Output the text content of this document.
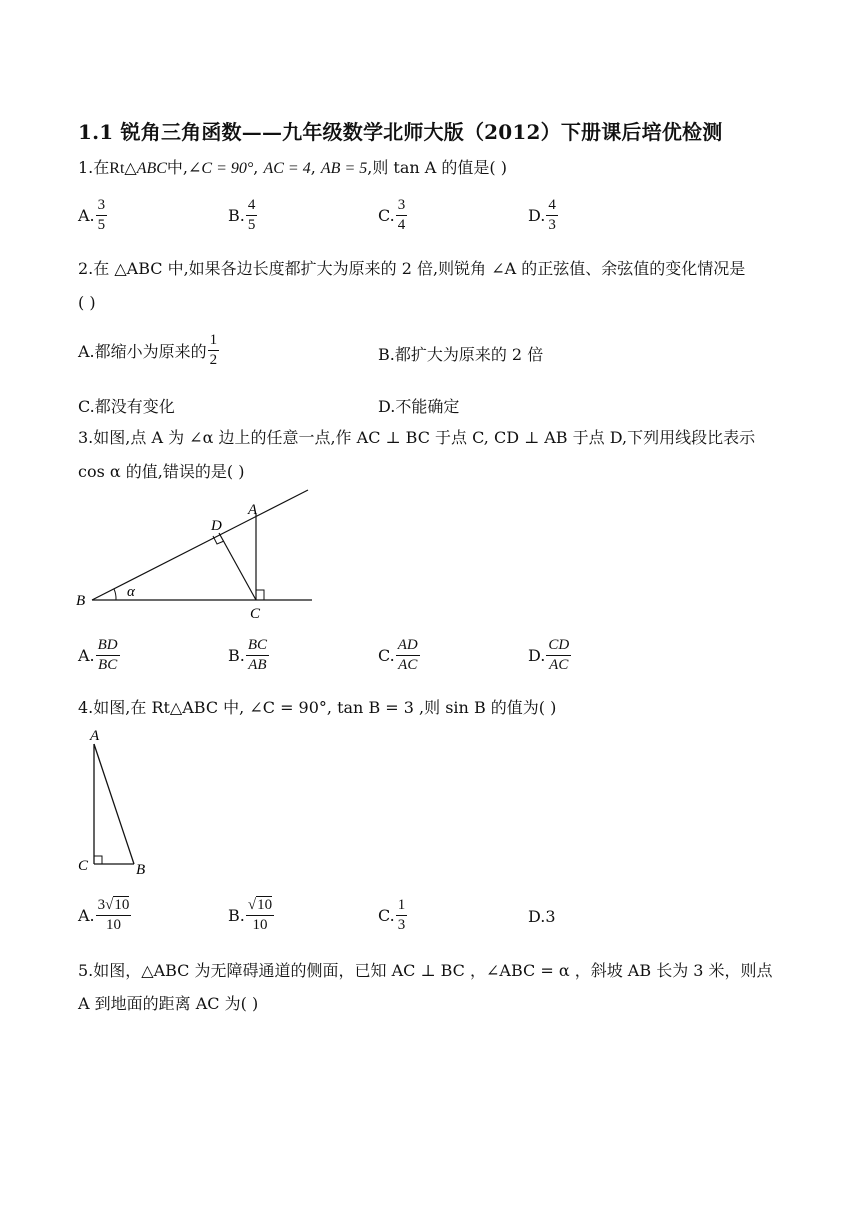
1.1 锐角三角函数——九年级数学北师大版（2012）下册课后培优检测
1.在Rt△ABC中,∠C = 90°, AC = 4, AB = 5,则 tan A 的值是( )
A. $\frac{3}{5}$	B. $\frac{4}{5}$	C. $\frac{3}{4}$	D. $\frac{4}{3}$
2.在 △ABC 中,如果各边长度都扩大为原来的 2 倍,则锐角 ∠A 的正弦值、余弦值的变化情况是
( )
A.都缩小为原来的 $\frac{1}{2}$	B.都扩大为原来的 2 倍
C.都没有变化	D.不能确定
3.如图,点 A 为 ∠α 边上的任意一点,作 AC ⊥ BC 于点 C, CD ⊥ AB 于点 D,下列用线段比表示
cos α 的值,错误的是( )
B
A
D
C
α
A. $\frac{BD}{BC}$	B. $\frac{BC}{AB}$	C. $\frac{AD}{AC}$	D. $\frac{CD}{AC}$
4.如图,在 Rt△ABC 中, ∠C = 90°, tan B = 3 ,则 sin B 的值为( )
A
C	B
A. $\frac{3√10}{10}$	B. $\frac{√10}{10}$	C. $\frac{1}{3}$	D.3
5.如图，△ABC 为无障碍通道的侧面，已知 AC ⊥ BC ，∠ABC = α ，斜坡 AB 长为 3 米，则点
A 到地面的距离 AC 为( )
